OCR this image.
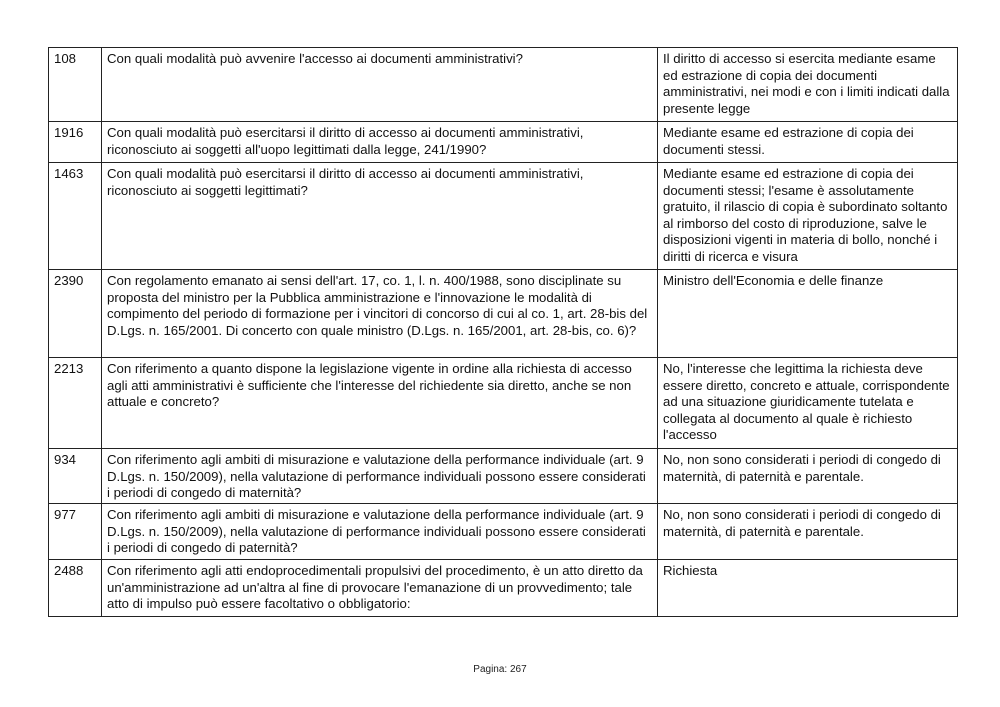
108	Con quali modalità può avvenire l'accesso ai documenti amministrativi?	Il diritto di accesso si esercita mediante esame ed estrazione di copia dei documenti amministrativi, nei modi e con i limiti indicati dalla presente legge
1916	Con quali modalità può esercitarsi il diritto di accesso ai documenti amministrativi, riconosciuto ai soggetti all'uopo legittimati dalla legge, 241/1990?	Mediante esame ed estrazione di copia dei documenti stessi.
1463	Con quali modalità può esercitarsi il diritto di accesso ai documenti amministrativi, riconosciuto ai soggetti legittimati?	Mediante esame ed estrazione di copia dei documenti stessi; l'esame è assolutamente gratuito, il rilascio di copia è subordinato soltanto al rimborso del costo di riproduzione, salve le disposizioni vigenti in materia di bollo, nonché i diritti di ricerca e visura
2390	Con regolamento emanato ai sensi dell'art. 17, co. 1, l. n. 400/1988, sono disciplinate su proposta del ministro per la Pubblica amministrazione e l'innovazione le modalità di compimento del periodo di formazione per i vincitori di concorso di cui al co. 1, art. 28-bis del D.Lgs. n. 165/2001. Di concerto con quale ministro (D.Lgs. n. 165/2001, art. 28-bis, co. 6)?	Ministro dell'Economia e delle finanze
2213	Con riferimento a quanto dispone la legislazione vigente in ordine alla richiesta di accesso agli atti amministrativi è sufficiente che l'interesse del richiedente sia diretto, anche se non attuale e concreto?	No, l'interesse che legittima la richiesta deve essere diretto, concreto e attuale, corrispondente ad una situazione giuridicamente tutelata e collegata al documento al quale è richiesto l'accesso
934	Con riferimento agli ambiti di misurazione e valutazione della performance individuale (art. 9 D.Lgs. n. 150/2009), nella valutazione di performance individuali possono essere considerati i periodi di congedo di maternità?	No, non sono considerati i periodi di congedo di maternità, di paternità e parentale.
977	Con riferimento agli ambiti di misurazione e valutazione della performance individuale (art. 9 D.Lgs. n. 150/2009), nella valutazione di performance individuali possono essere considerati i periodi di congedo di paternità?	No, non sono considerati i periodi di congedo di maternità, di paternità e parentale.
2488	Con riferimento agli atti endoprocedimentali propulsivi del procedimento, è un atto diretto da un'amministrazione ad un'altra al fine di provocare l'emanazione di un provvedimento; tale atto di impulso può essere facoltativo o obbligatorio:	Richiesta
Pagina: 267
